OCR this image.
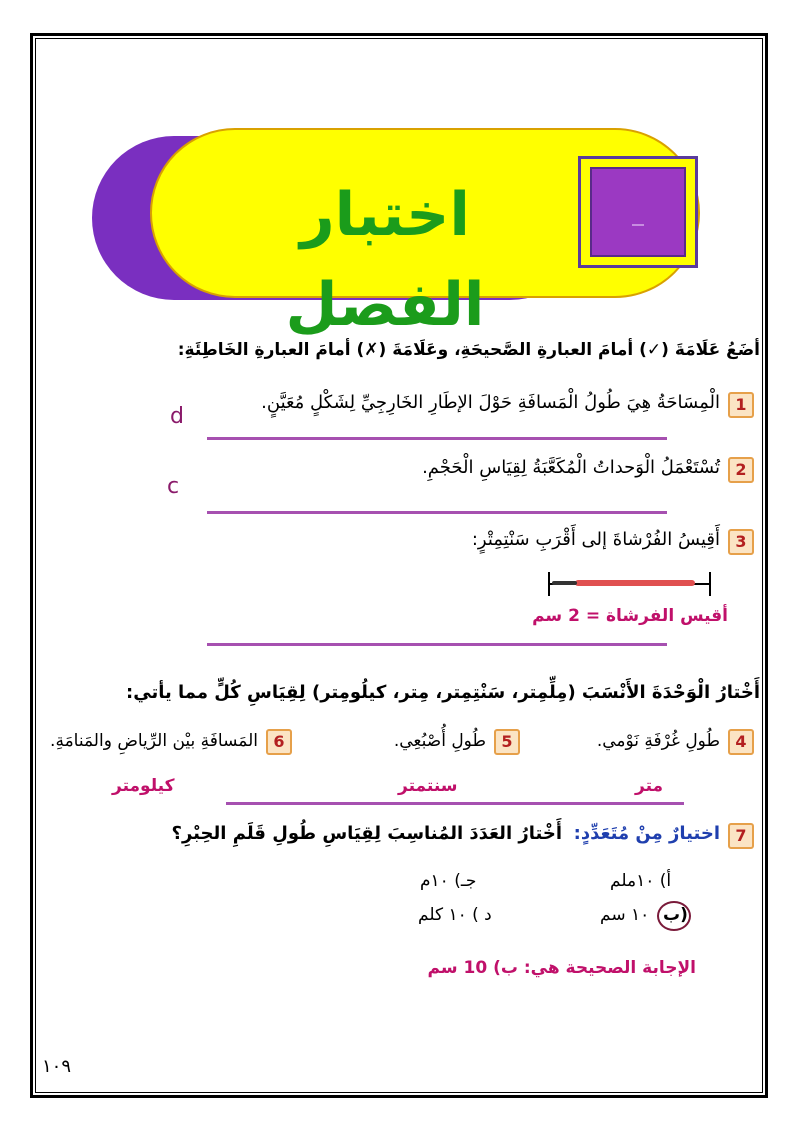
اختبار الفصل
أضَعُ عَلَامَةَ (✓) أمامَ العبارةِ الصَّحيحَةِ، وعَلَامَةَ (✗) أمامَ العبارةِ الخَاطِئَةِ:
1
الْمِسَاحَةُ هِيَ طُولُ الْمَسافَةِ حَوْلَ الإطَارِ الخَارِجِيِّ لِشَكْلٍ مُعَيَّنٍ.
d
2
تُسْتَعْمَلُ الْوَحداتُ الْمُكَعَّبَةُ لِقِيَاسِ الْحَجْمِ.
c
3
أَقِيسُ الفُرْشاةَ إلى أَقْرَبِ سَنْتِمِتْرٍ:
أقيس الفرشاة = 2 سم
أَخْتارُ الْوَحْدَةَ الأَنْسَبَ (مِلِّمِتر، سَنْتِمِتر، مِتر، كيلُومِتر) لِقِيَاسِ كُلٍّ مما يأتي:
4
طُولِ غُرْفَةِ نَوْمي.
5
طُولِ أُصْبُعِي.
6
المَسافَةِ بيْن الرِّياضِ والمَنامَةِ.
متر
سنتمتر
كيلومتر
7
اختيارٌ مِنْ مُتَعَدِّدٍ:
أَخْتارُ العَدَدَ المُناسِبَ لِقِيَاسِ طُولِ قَلَمِ الحِبْرِ؟
أ) ١٠ملم
جـ) ١٠م
ب)
١٠ سم
د ) ١٠ كلم
الإجابة الصحيحة هي: ب) 10 سم
١٠٩
